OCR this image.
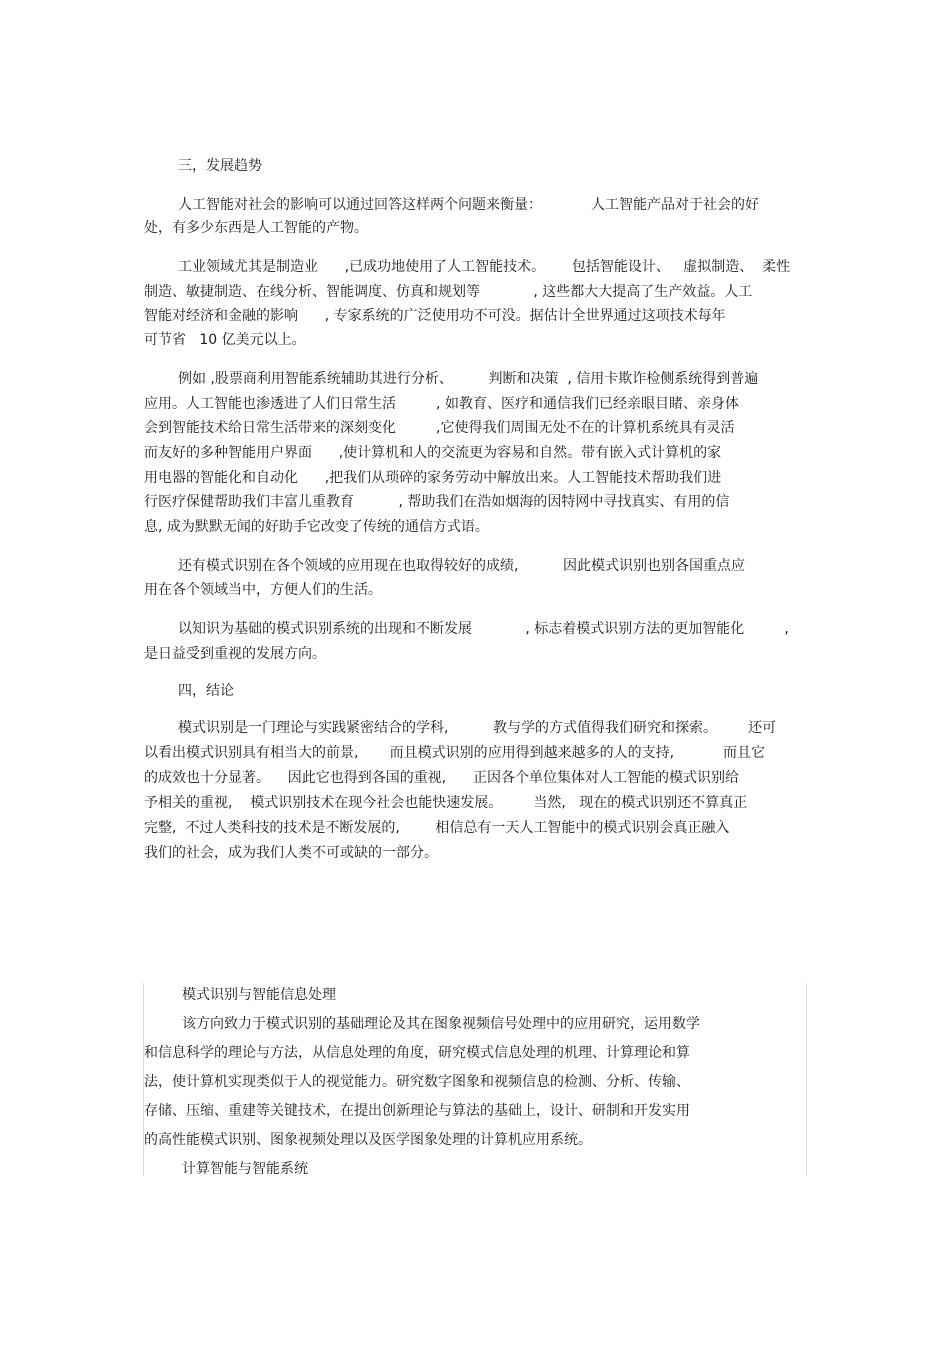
三，发展趋势
人工智能对社会的影响可以通过回答这样两个问题来衡量：           人工智能产品对于社会的好
处，有多少东西是人工智能的产物。
工业领域尤其是制造业      ,已成功地使用了人工智能技术。      包括智能设计、   虚拟制造、  柔性
制造、敏捷制造、在线分析、智能调度、仿真和规划等            , 这些都大大提高了生产效益。人工
智能对经济和金融的影响      , 专家系统的广泛使用功不可没。据估计全世界通过这项技术每年
可节省   10 亿美元以上。
例如 ,股票商利用智能系统辅助其进行分析、        判断和决策  , 信用卡欺诈检侧系统得到普遍
应用。人工智能也渗透进了人们日常生活         , 如教育、医疗和通信我们已经亲眼目睹、亲身体
会到智能技术给日常生活带来的深刻变化         ,它使得我们周围无处不在的计算机系统具有灵活
而友好的多种智能用户界面      ,使计算机和人的交流更为容易和自然。带有嵌入式计算机的家
用电器的智能化和自动化      ,把我们从琐碎的家务劳动中解放出来。人工智能技术帮助我们进
行医疗保健帮助我们丰富儿重教育          , 帮助我们在浩如烟海的因特网中寻找真实、有用的信
息, 成为默默无闻的好助手它改变了传统的通信方式语。
还有模式识别在各个领域的应用现在也取得较好的成绩,          因此模式识别也别各国重点应
用在各个领域当中，方便人们的生活。
以知识为基础的模式识别系统的出现和不断发展            , 标志着模式识别方法的更加智能化         ,
是日益受到重视的发展方向。
四，结论
模式识别是一门理论与实践紧密结合的学科,          教与学的方式值得我们研究和探索。       还可
以看出模式识别具有相当大的前景,       而且模式识别的应用得到越来越多的人的支持,           而且它
的成效也十分显著。    因此它也得到各国的重视,      正因各个单位集体对人工智能的模式识别给
予相关的重视,    模式识别技术在现今社会也能快速发展。       当然,   现在的模式识别还不算真正
完整,  不过人类科技的技术是不断发展的,        相信总有一天人工智能中的模式识别会真正融入
我们的社会，成为我们人类不可或缺的一部分。
模式识别与智能信息处理
该方向致力于模式识别的基础理论及其在图象视频信号处理中的应用研究，运用数学
和信息科学的理论与方法，从信息处理的角度，研究模式信息处理的机理、计算理论和算
法，使计算机实现类似于人的视觉能力。研究数字图象和视频信息的检测、分析、传输、
存储、压缩、重建等关键技术，在提出创新理论与算法的基础上，设计、研制和开发实用
的高性能模式识别、图象视频处理以及医学图象处理的计算机应用系统。
计算智能与智能系统
